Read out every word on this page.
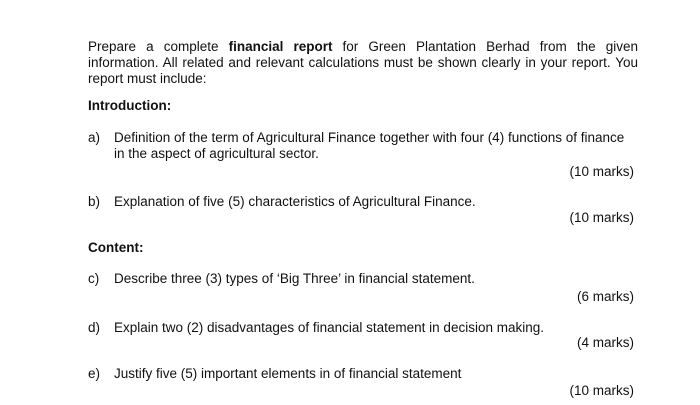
Prepare a complete financial report for Green Plantation Berhad from the given information. All related and relevant calculations must be shown clearly in your report. You report must include:

Introduction:
a) Definition of the term of Agricultural Finance together with four (4) functions of finance in the aspect of agricultural sector.
(10 marks)
b) Explanation of five (5) characteristics of Agricultural Finance.
(10 marks)
Content:
c) Describe three (3) types of ‘Big Three’ in financial statement.
(6 marks)
d) Explain two (2) disadvantages of financial statement in decision making.
(4 marks)
e) Justify five (5) important elements in of financial statement
(10 marks)
